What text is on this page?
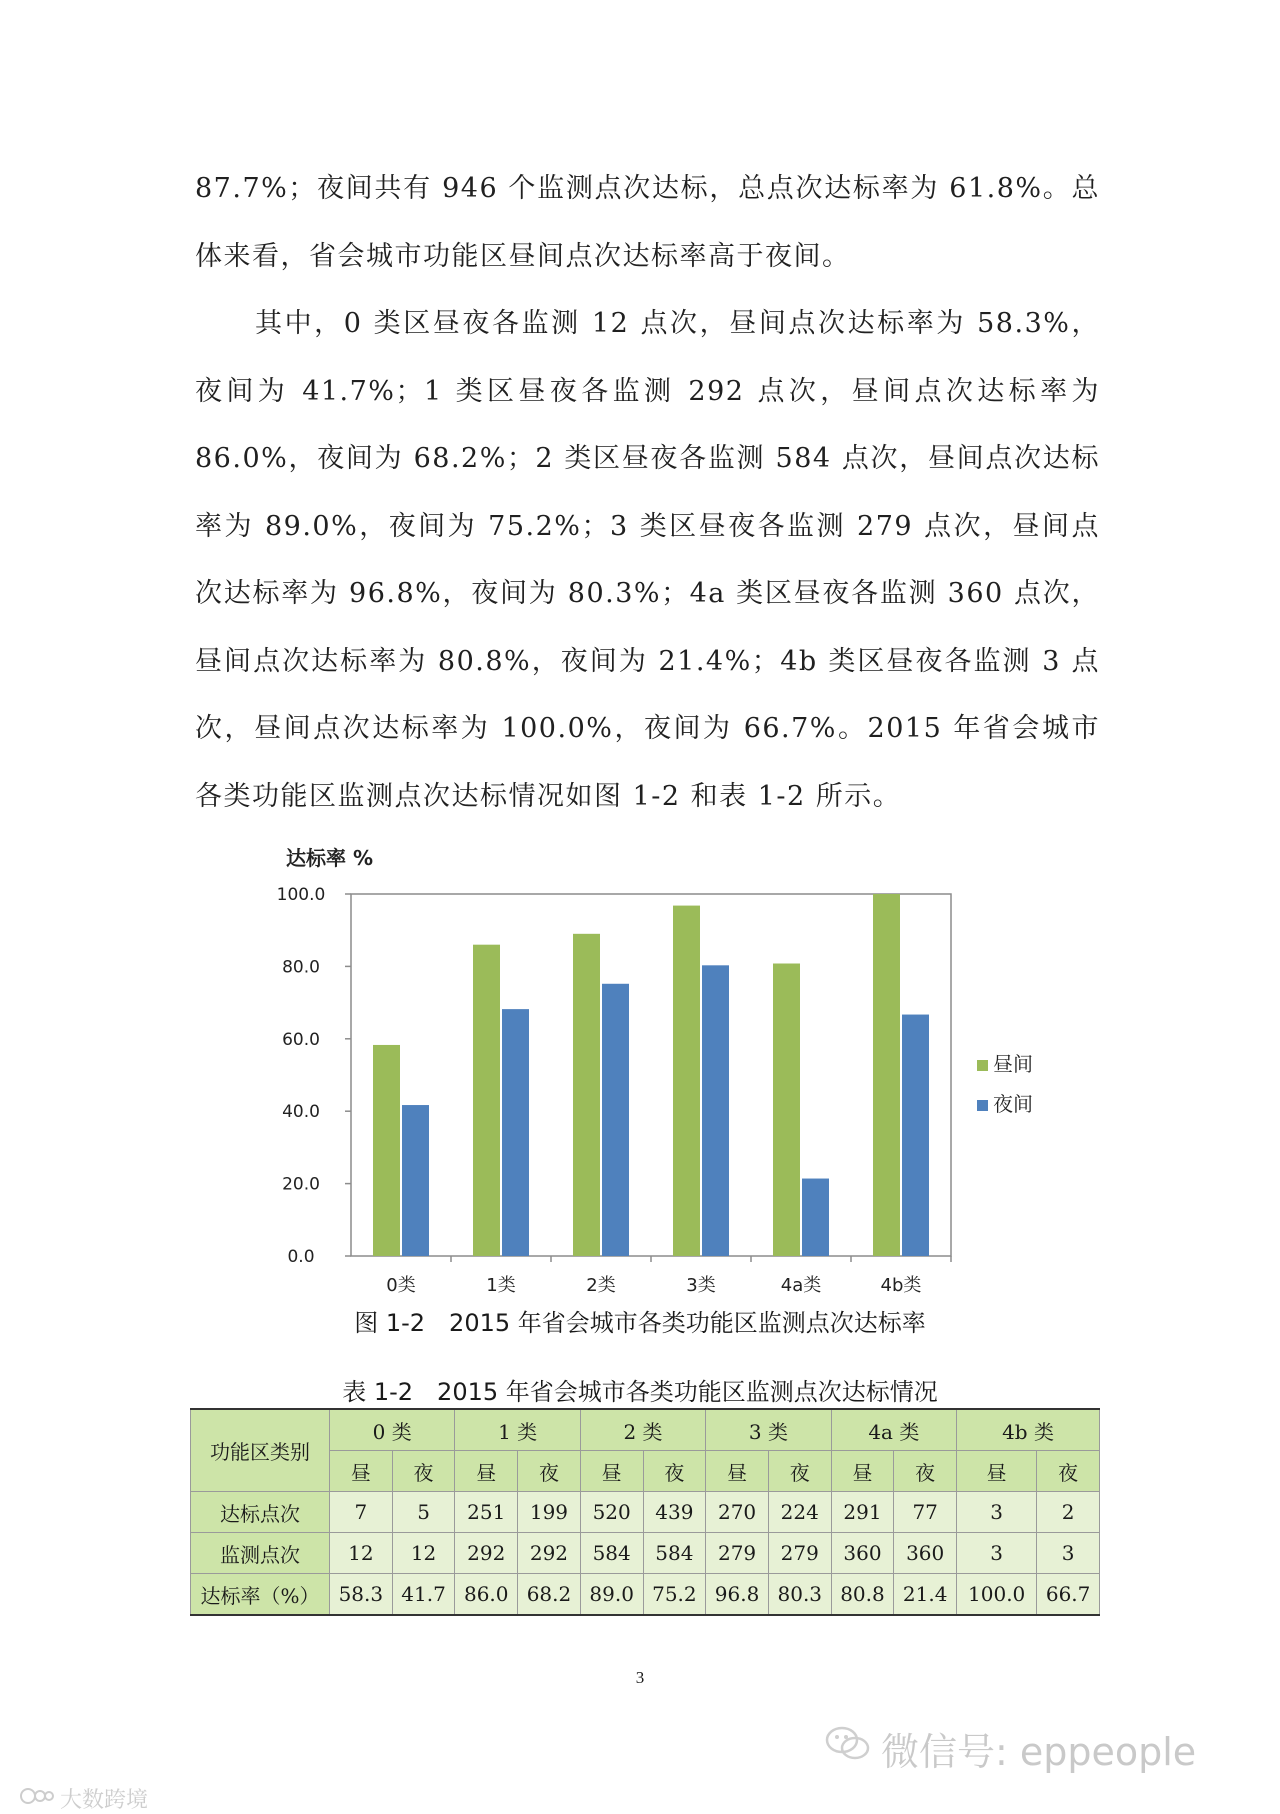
87.7%；夜间共有 946 个监测点次达标，总点次达标率为 61.8%。总体来看，省会城市功能区昼间点次达标率高于夜间。

其中，0 类区昼夜各监测 12 点次，昼间点次达标率为 58.3%，夜间为 41.7%；1 类区昼夜各监测 292 点次，昼间点次达标率为 86.0%，夜间为 68.2%；2 类区昼夜各监测 584 点次，昼间点次达标率为 89.0%，夜间为 75.2%；3 类区昼夜各监测 279 点次，昼间点次达标率为 96.8%，夜间为 80.3%；4a 类区昼夜各监测 360 点次，昼间点次达标率为 80.8%，夜间为 21.4%；4b 类区昼夜各监测 3 点次，昼间点次达标率为 100.0%，夜间为 66.7%。2015 年省会城市各类功能区监测点次达标情况如图 1-2 和表 1-2 所示。

达标率 %
0.0
20.0
40.0
60.0
80.0
100.0
0类	1类	2类	3类	4a类	4b类
昼间
夜间

图 1-2　2015 年省会城市各类功能区监测点次达标率

表 1-2　2015 年省会城市各类功能区监测点次达标情况

功能区类别	0 类		1 类		2 类		3 类		4a 类		4b 类	
	昼	夜	昼	夜	昼	夜	昼	夜	昼	夜	昼	夜
达标点次	7	5	251	199	520	439	270	224	291	77	3	2
监测点次	12	12	292	292	584	584	279	279	360	360	3	3
达标率（%）	58.3	41.7	86.0	68.2	89.0	75.2	96.8	80.3	80.8	21.4	100.0	66.7

3

微信号: eppeople
大数跨境
